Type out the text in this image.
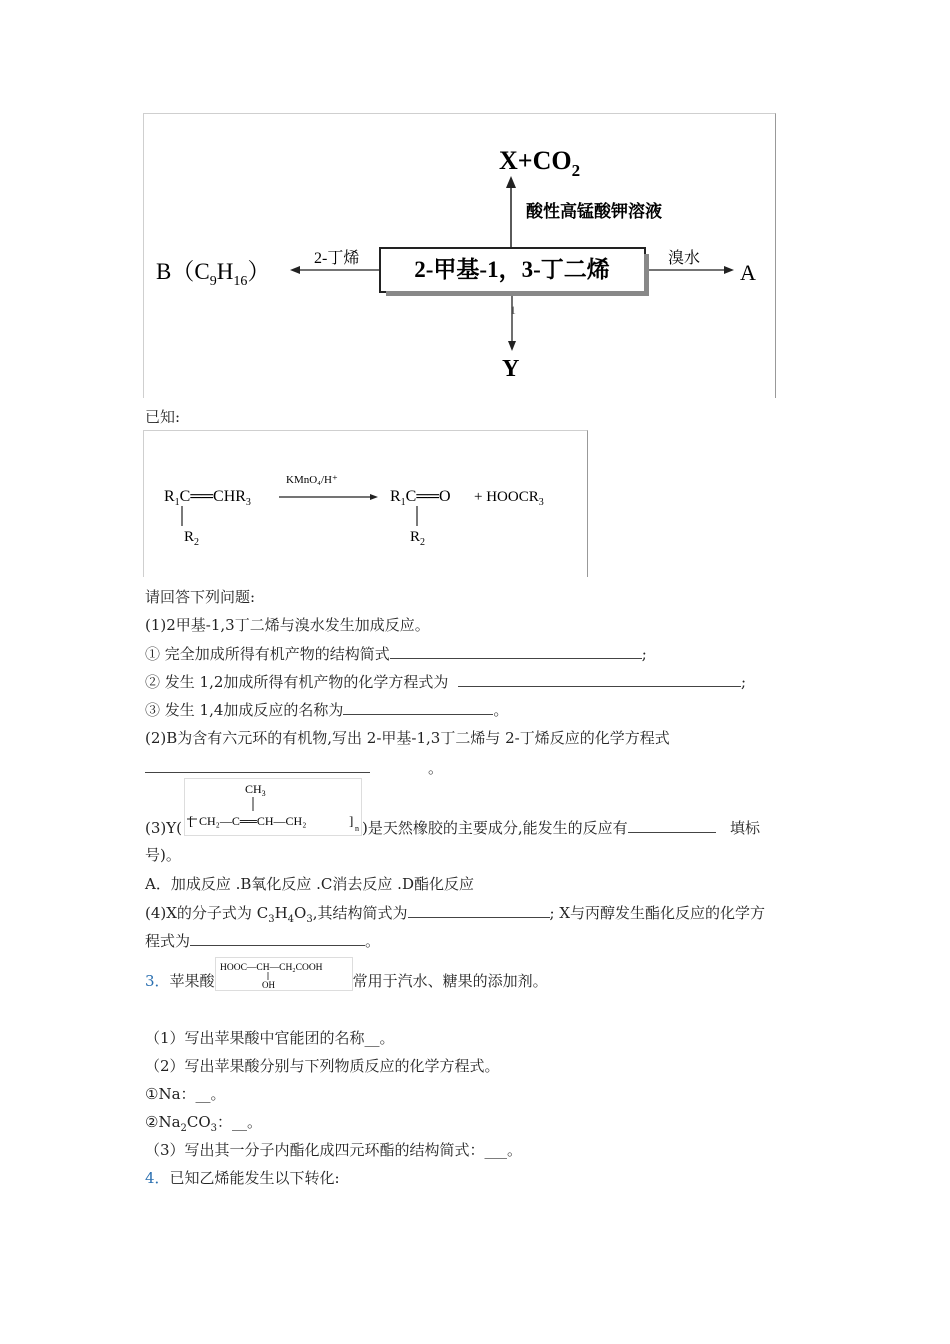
$X+CO_2$
酸性高锰酸钾溶液
2-甲基-1，3-丁二烯
2-丁烯
$B(C_9H_{16})$
溴水
A
1
Y
已知:
$R_1C══CHR_3$
$R_2$
KMnO₄/H⁺
$R_1C══O$
$R_2$
+ $HOOCR_3$
请回答下列问题:
(1)2甲基-1,3丁二烯与溴水发生加成反应。
① 完全加成所得有机产物的结构简式	;
② 发生 1,2加成所得有机产物的化学方程式为	;
③ 发生 1,4加成反应的名称为	。
(2)B为含有六元环的有机物,写出 2-甲基-1,3丁二烯与 2-丁烯反应的化学方程式
。
(3)Y(
$CH_3$
[ CH₂—C══CH—CH₂	]
n )是天然橡胶的主要成分,能发生的反应有	填标
号)。
A．加成反应 .B氧化反应 .C消去反应 .D酯化反应
(4)X的分子式为 $C_3H_4O_3$,其结构简式为	; X与丙醇发生酯化反应的化学方
程式为	。
3．苹果酸
HOOC—CH—CH₂COOH
OH	常用于汽水、糖果的添加剂。
（1）写出苹果酸中官能团的名称__。
（2）写出苹果酸分别与下列物质反应的化学方程式。
①Na：__。
$②Na_2CO_3$：__。
（3）写出其一分子内酯化成四元环酯的结构简式：___。
4．已知乙烯能发生以下转化:
